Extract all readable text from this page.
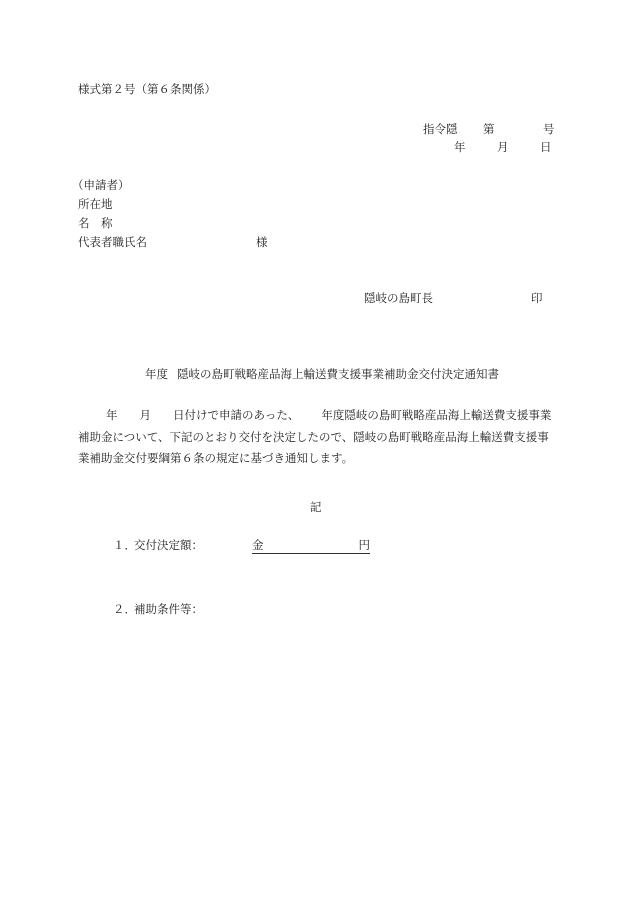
様式第２号（第６条関係）
指令隠 第	号
年	月	日
（申請者）
所在地
名　称
代表者職氏名	様
隠岐の島町長	印
年度 隠岐の島町戦略産品海上輸送費支援事業補助金交付決定通知書
年 月 日付けで申請のあった、 年度隠岐の島町戦略産品海上輸送費支援事業補助金について、下記のとおり交付を決定したので、隠岐の島町戦略産品海上輸送費支援事業補助金交付要綱第６条の規定に基づき通知します。
記
１．
交付決定額：	金	円
２．
補助条件等：
